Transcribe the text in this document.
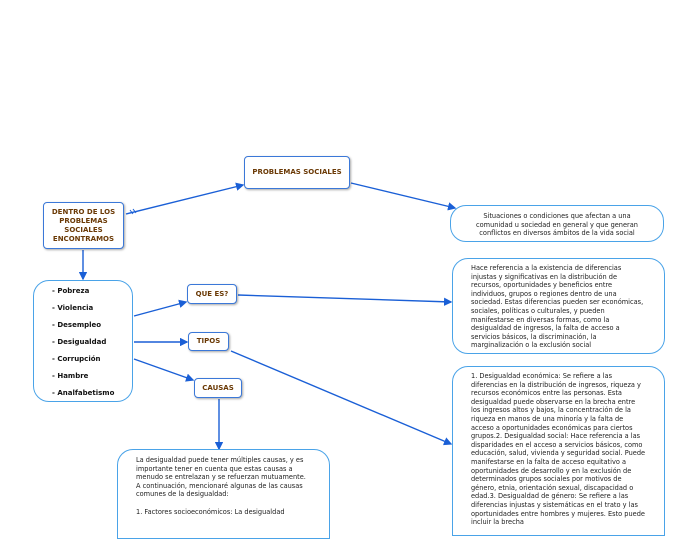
PROBLEMAS SOCIALES
DENTRO DE LOS PROBLEMAS SOCIALES ENCONTRAMOS
QUE ES?
TIPOS
CAUSAS
- Pobreza
- Violencia
- Desempleo
- Desigualdad
- Corrupción
- Hambre
- Analfabetismo
Situaciones o condiciones que afectan a una comunidad u sociedad en general y que generan conflictos en diversos ámbitos de la vida social
Hace referencia a la existencia de diferencias injustas y significativas en la distribución de recursos, oportunidades y beneficios entre individuos, grupos o regiones dentro de una sociedad. Estas diferencias pueden ser económicas, sociales, políticas o culturales, y pueden manifestarse en diversas formas, como la desigualdad de ingresos, la falta de acceso a servicios básicos, la discriminación, la marginalización o la exclusión social
1. Desigualdad económica: Se refiere a las diferencias en la distribución de ingresos, riqueza y recursos económicos entre las personas. Esta desigualdad puede observarse en la brecha entre los ingresos altos y bajos, la concentración de la riqueza en manos de una minoría y la falta de acceso a oportunidades económicas para ciertos grupos.2. Desigualdad social: Hace referencia a las disparidades en el acceso a servicios básicos, como educación, salud, vivienda y seguridad social. Puede manifestarse en la falta de acceso equitativo a oportunidades de desarrollo y en la exclusión de determinados grupos sociales por motivos de género, etnia, orientación sexual, discapacidad o edad.3. Desigualdad de género: Se refiere a las diferencias injustas y sistemáticas en el trato y las oportunidades entre hombres y mujeres. Esto puede incluir la brecha
La desigualdad puede tener múltiples causas, y es importante tener en cuenta que estas causas a menudo se entrelazan y se refuerzan mutuamente. A continuación, mencionaré algunas de las causas comunes de la desigualdad:
1. Factores socioeconómicos: La desigualdad
